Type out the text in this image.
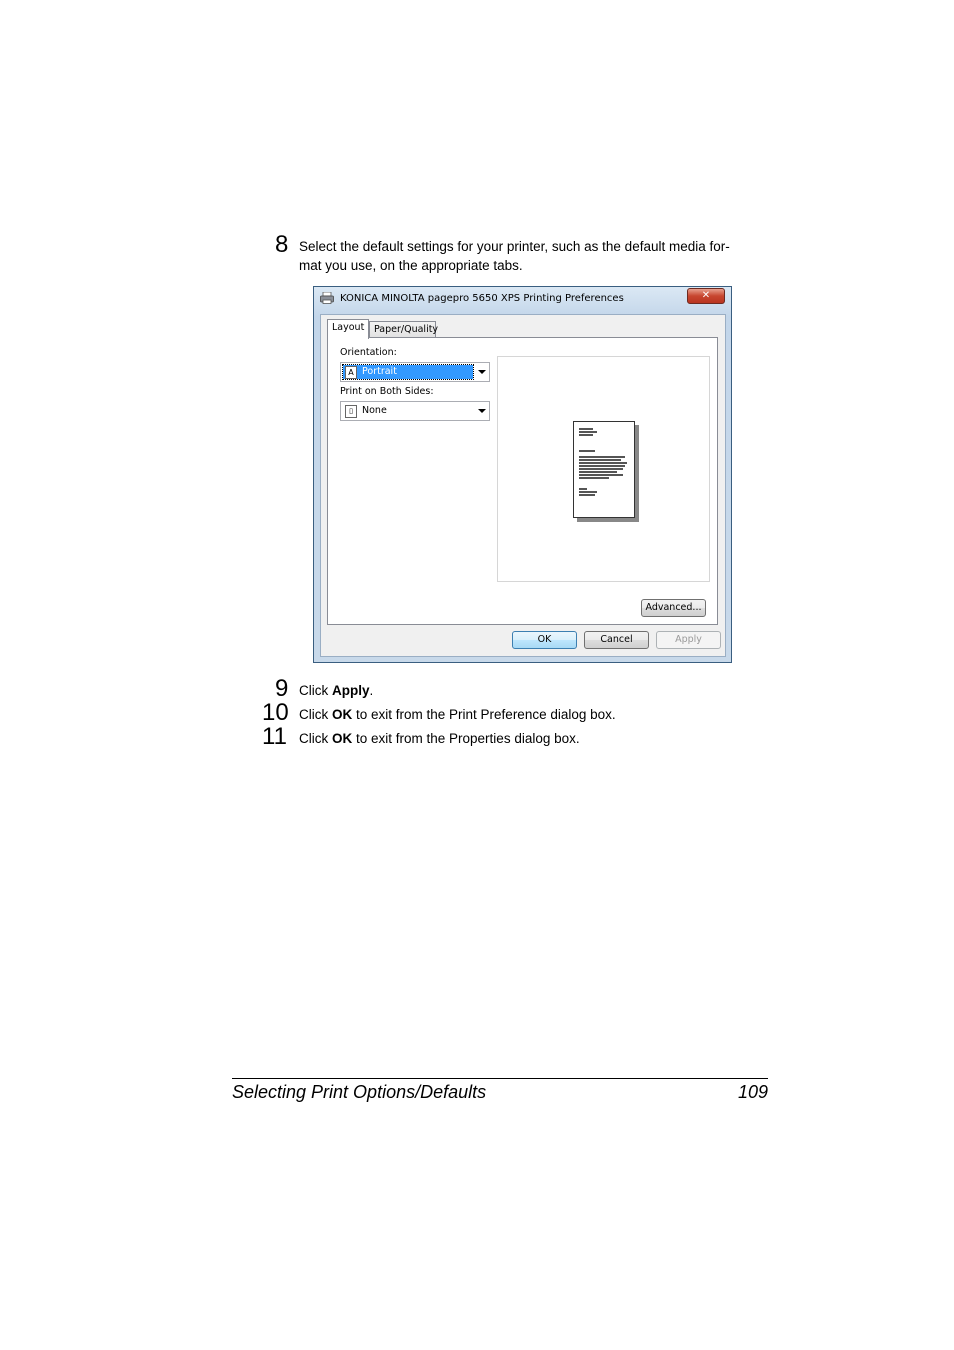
8 Select the default settings for your printer, such as the default media for-
mat you use, on the appropriate tabs.
KONICA MINOLTA pagepro 5650 XPS Printing Preferences	✕
Layout	Paper/Quality
Orientation:
A Portrait
Print on Both Sides:
▯ None
Advanced...
OK	Cancel	Apply
9 Click Apply.
10 Click OK to exit from the Print Preference dialog box.
11 Click OK to exit from the Properties dialog box.
Selecting Print Options/Defaults	109
